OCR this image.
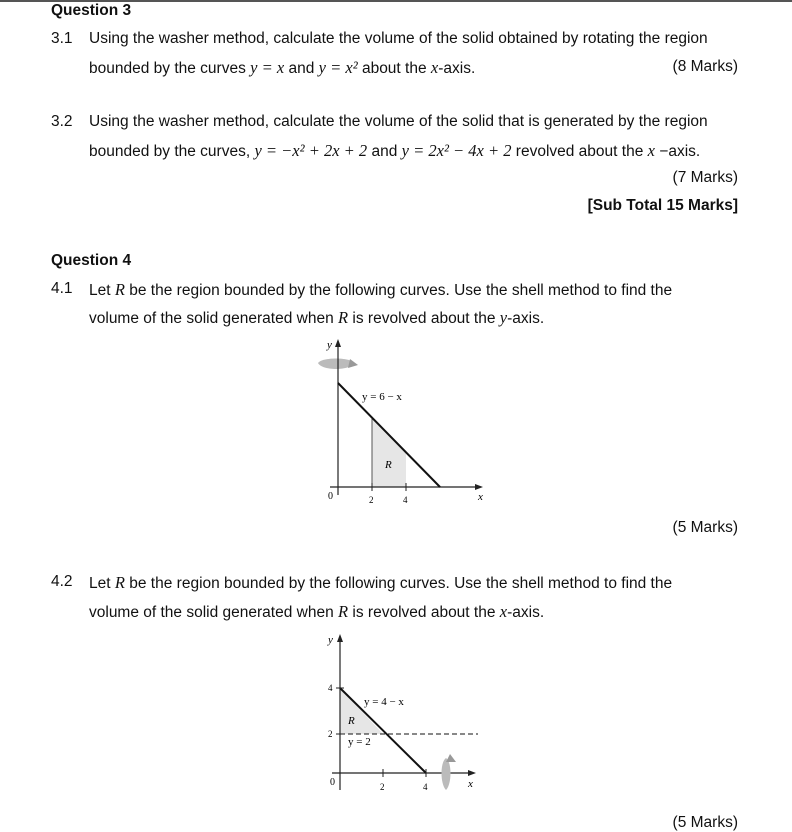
Question 3
3.1 Using the washer method, calculate the volume of the solid obtained by rotating the region
bounded by the curves y = x and y = x² about the x-axis.	(8 Marks)
3.2 Using the washer method, calculate the volume of the solid that is generated by the region
bounded by the curves, y = −x² + 2x + 2 and y = 2x² − 4x + 2 revolved about the x −axis.
(7 Marks)
[Sub Total 15 Marks]
Question 4
4.1 Let R be the region bounded by the following curves. Use the shell method to find the
volume of the solid generated when R is revolved about the y-axis.
y
x
0	2	4
y = 6 − x
R
(5 Marks)
4.2 Let R be the region bounded by the following curves. Use the shell method to find the
volume of the solid generated when R is revolved about the x-axis.
y
x
0	2	4
2
4
y = 4 − x
y = 2
R
(5 Marks)
